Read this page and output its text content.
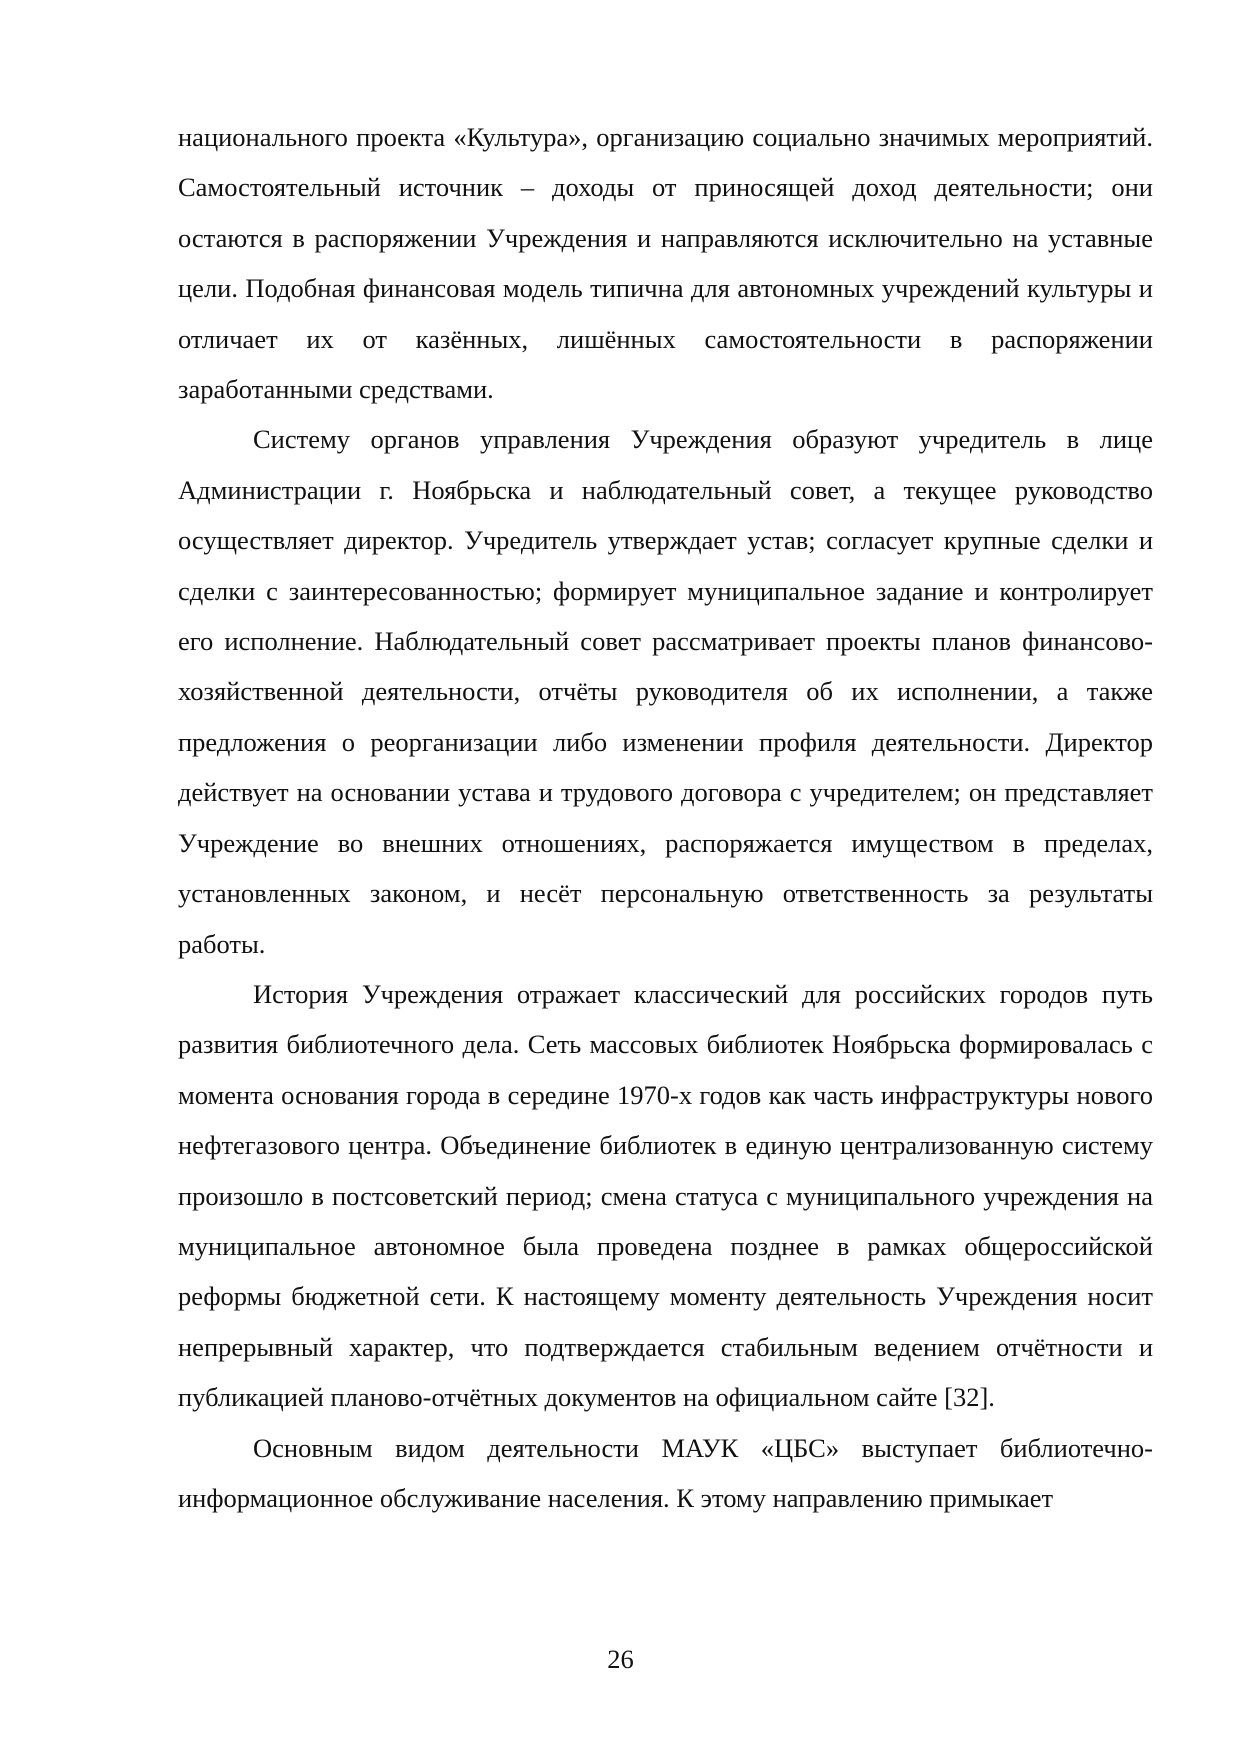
национального проекта «Культура», организацию социально значимых мероприятий. Самостоятельный источник – доходы от приносящей доход деятельности; они остаются в распоряжении Учреждения и направляются исключительно на уставные цели. Подобная финансовая модель типична для автономных учреждений культуры и отличает их от казённых, лишённых самостоятельности в распоряжении заработанными средствами.

Систему органов управления Учреждения образуют учредитель в лице Администрации г. Ноябрьска и наблюдательный совет, а текущее руководство осуществляет директор. Учредитель утверждает устав; согласует крупные сделки и сделки с заинтересованностью; формирует муниципальное задание и контролирует его исполнение. Наблюдательный совет рассматривает проекты планов финансово-хозяйственной деятельности, отчёты руководителя об их исполнении, а также предложения о реорганизации либо изменении профиля деятельности. Директор действует на основании устава и трудового договора с учредителем; он представляет Учреждение во внешних отношениях, распоряжается имуществом в пределах, установленных законом, и несёт персональную ответственность за результаты работы.

История Учреждения отражает классический для российских городов путь развития библиотечного дела. Сеть массовых библиотек Ноябрьска формировалась с момента основания города в середине 1970-х годов как часть инфраструктуры нового нефтегазового центра. Объединение библиотек в единую централизованную систему произошло в постсоветский период; смена статуса с муниципального учреждения на муниципальное автономное была проведена позднее в рамках общероссийской реформы бюджетной сети. К настоящему моменту деятельность Учреждения носит непрерывный характер, что подтверждается стабильным ведением отчётности и публикацией планово-отчётных документов на официальном сайте [32].

Основным видом деятельности МАУК «ЦБС» выступает библиотечно-информационное обслуживание населения. К этому направлению примыкает

26
